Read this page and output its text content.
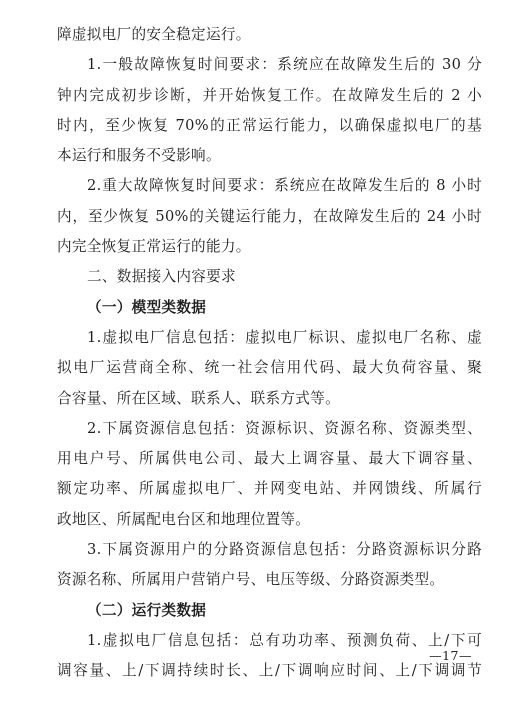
障虚拟电厂的安全稳定运行。
1.一般故障恢复时间要求：系统应在故障发生后的 30 分
钟内完成初步诊断，并开始恢复工作。在故障发生后的 2 小
时内，至少恢复 70%的正常运行能力，以确保虚拟电厂的基
本运行和服务不受影响。
2.重大故障恢复时间要求：系统应在故障发生后的 8 小时
内，至少恢复 50%的关键运行能力，在故障发生后的 24 小时
内完全恢复正常运行的能力。
二、数据接入内容要求
（一）模型类数据
1.虚拟电厂信息包括：虚拟电厂标识、虚拟电厂名称、虚
拟电厂运营商全称、统一社会信用代码、最大负荷容量、聚
合容量、所在区域、联系人、联系方式等。
2.下属资源信息包括：资源标识、资源名称、资源类型、
用电户号、所属供电公司、最大上调容量、最大下调容量、
额定功率、所属虚拟电厂、并网变电站、并网馈线、所属行
政地区、所属配电台区和地理位置等。
3.下属资源用户的分路资源信息包括：分路资源标识分路
资源名称、所属用户营销户号、电压等级、分路资源类型。
（二）运行类数据
1.虚拟电厂信息包括：总有功功率、预测负荷、上/下可
调容量、上/下调持续时长、上/下调响应时间、上/下调调节
—17—
